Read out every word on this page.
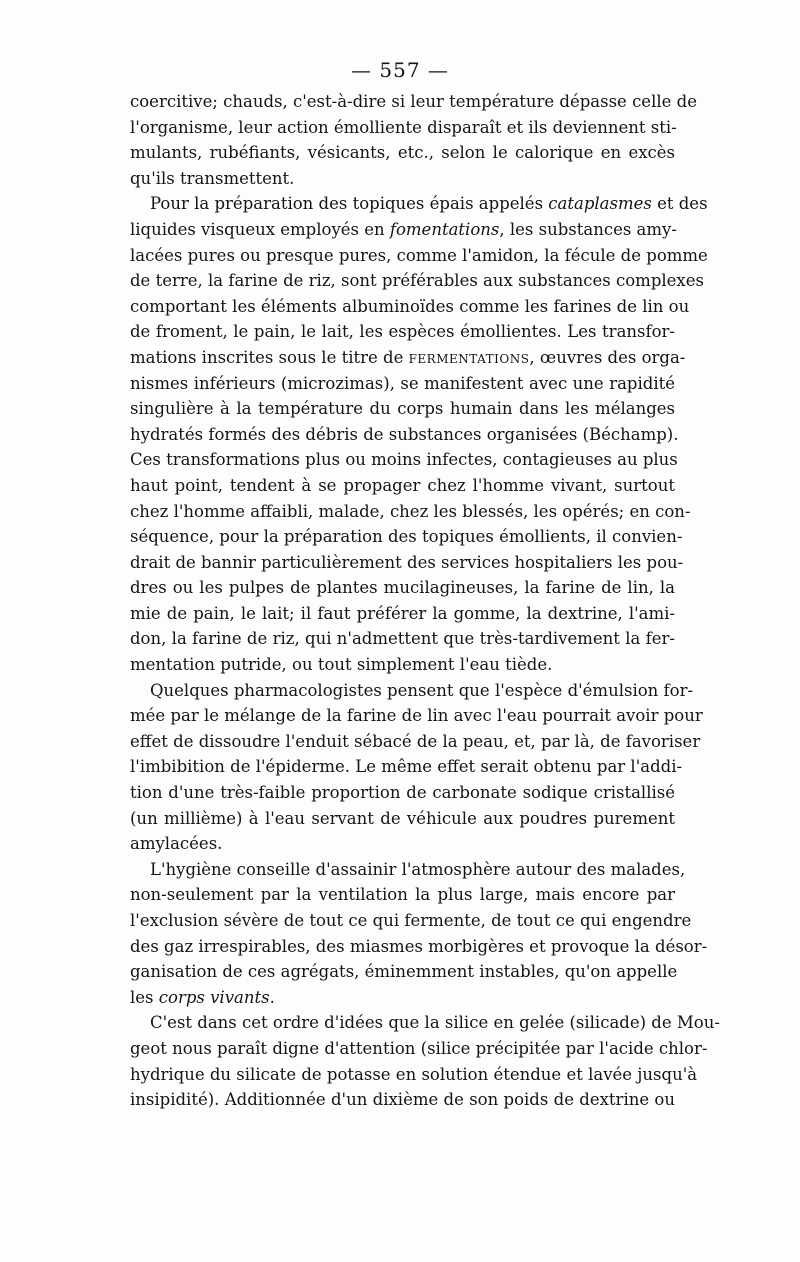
— 557 —
coercitive; chauds, c'est-à-dire si leur température dépasse celle de
l'organisme, leur action émolliente disparaît et ils deviennent sti-
mulants, rubéfiants, vésicants, etc., selon le calorique en excès
qu'ils transmettent.
Pour la préparation des topiques épais appelés cataplasmes et des
liquides visqueux employés en fomentations, les substances amy-
lacées pures ou presque pures, comme l'amidon, la fécule de pomme
de terre, la farine de riz, sont préférables aux substances complexes
comportant les éléments albuminoïdes comme les farines de lin ou
de froment, le pain, le lait, les espèces émollientes. Les transfor-
mations inscrites sous le titre de FERMENTATIONS, œuvres des orga-
nismes inférieurs (microzimas), se manifestent avec une rapidité
singulière à la température du corps humain dans les mélanges
hydratés formés des débris de substances organisées (Béchamp).
Ces transformations plus ou moins infectes, contagieuses au plus
haut point, tendent à se propager chez l'homme vivant, surtout
chez l'homme affaibli, malade, chez les blessés, les opérés; en con-
séquence, pour la préparation des topiques émollients, il convien-
drait de bannir particulièrement des services hospitaliers les pou-
dres ou les pulpes de plantes mucilagineuses, la farine de lin, la
mie de pain, le lait; il faut préférer la gomme, la dextrine, l'ami-
don, la farine de riz, qui n'admettent que très-tardivement la fer-
mentation putride, ou tout simplement l'eau tiède.
Quelques pharmacologistes pensent que l'espèce d'émulsion for-
mée par le mélange de la farine de lin avec l'eau pourrait avoir pour
effet de dissoudre l'enduit sébacé de la peau, et, par là, de favoriser
l'imbibition de l'épiderme. Le même effet serait obtenu par l'addi-
tion d'une très-faible proportion de carbonate sodique cristallisé
(un millième) à l'eau servant de véhicule aux poudres purement
amylacées.
L'hygiène conseille d'assainir l'atmosphère autour des malades,
non-seulement par la ventilation la plus large, mais encore par
l'exclusion sévère de tout ce qui fermente, de tout ce qui engendre
des gaz irrespirables, des miasmes morbigères et provoque la désor-
ganisation de ces agrégats, éminemment instables, qu'on appelle
les corps vivants.
C'est dans cet ordre d'idées que la silice en gelée (silicade) de Mou-
geot nous paraît digne d'attention (silice précipitée par l'acide chlor-
hydrique du silicate de potasse en solution étendue et lavée jusqu'à
insipidité). Additionnée d'un dixième de son poids de dextrine ou
